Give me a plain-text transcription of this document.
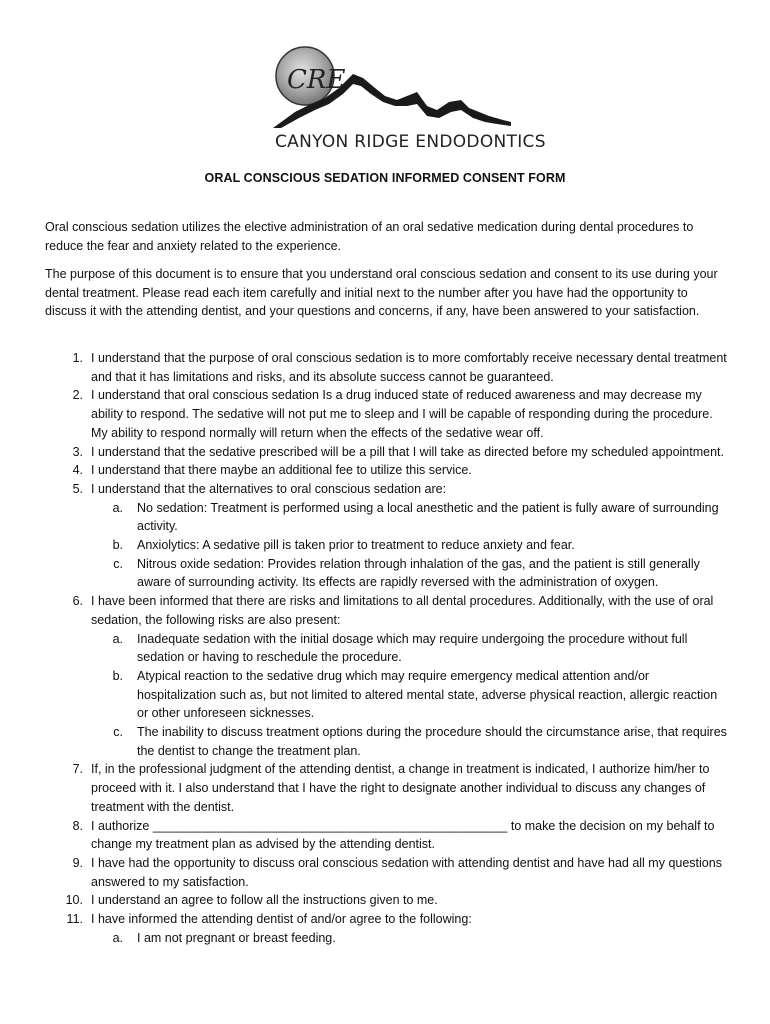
CRE
CANYON RIDGE ENDODONTICS
ORAL CONSCIOUS SEDATION INFORMED CONSENT FORM
Oral conscious sedation utilizes the elective administration of an oral sedative medication during dental procedures to reduce the fear and anxiety related to the experience.
The purpose of this document is to ensure that you understand oral conscious sedation and consent to its use during your dental treatment. Please read each item carefully and initial next to the number after you have had the opportunity to discuss it with the attending dentist, and your questions and concerns, if any, have been answered to your satisfaction.
1. I understand that the purpose of oral conscious sedation is to more comfortably receive necessary dental treatment and that it has limitations and risks, and its absolute success cannot be guaranteed.
2. I understand that oral conscious sedation Is a drug induced state of reduced awareness and may decrease my ability to respond. The sedative will not put me to sleep and I will be capable of responding during the procedure. My ability to respond normally will return when the effects of the sedative wear off.
3. I understand that the sedative prescribed will be a pill that I will take as directed before my scheduled appointment.
4. I understand that there maybe an additional fee to utilize this service.
5. I understand that the alternatives to oral conscious sedation are:
a. No sedation: Treatment is performed using a local anesthetic and the patient is fully aware of surrounding activity.
b. Anxiolytics: A sedative pill is taken prior to treatment to reduce anxiety and fear.
c. Nitrous oxide sedation: Provides relation through inhalation of the gas, and the patient is still generally aware of surrounding activity. Its effects are rapidly reversed with the administration of oxygen.
6. I have been informed that there are risks and limitations to all dental procedures. Additionally, with the use of oral sedation, the following risks are also present:
a. Inadequate sedation with the initial dosage which may require undergoing the procedure without full sedation or having to reschedule the procedure.
b. Atypical reaction to the sedative drug which may require emergency medical attention and/or hospitalization such as, but not limited to altered mental state, adverse physical reaction, allergic reaction or other unforeseen sicknesses.
c. The inability to discuss treatment options during the procedure should the circumstance arise, that requires the dentist to change the treatment plan.
7. If, in the professional judgment of the attending dentist, a change in treatment is indicated, I authorize him/her to proceed with it. I also understand that I have the right to designate another individual to discuss any changes of treatment with the dentist.
8. I authorize ___________________________________________________ to make the decision on my behalf to change my treatment plan as advised by the attending dentist.
9. I have had the opportunity to discuss oral conscious sedation with attending dentist and have had all my questions answered to my satisfaction.
10. I understand an agree to follow all the instructions given to me.
11. I have informed the attending dentist of and/or agree to the following:
a. I am not pregnant or breast feeding.
